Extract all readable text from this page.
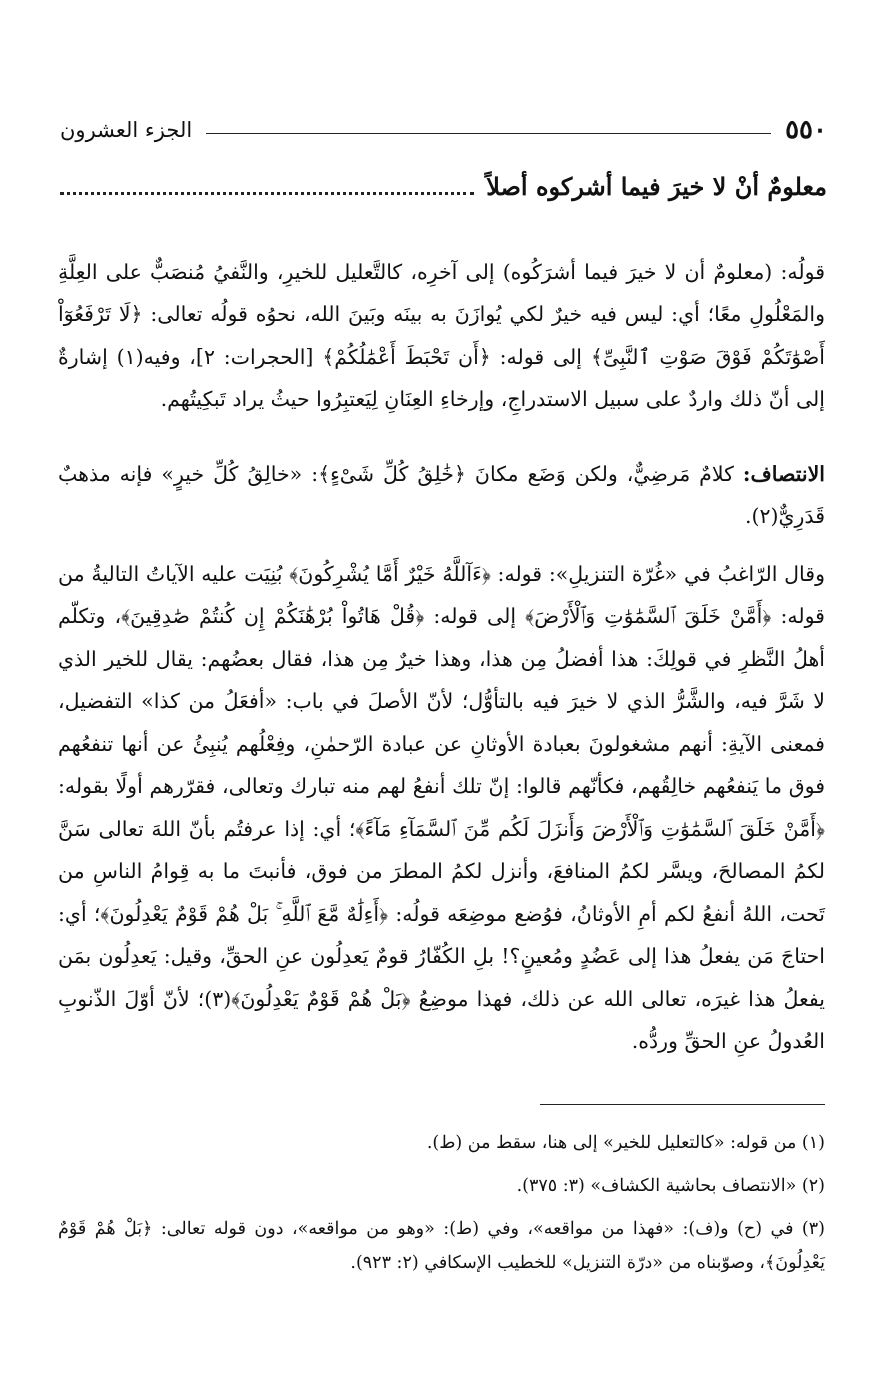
الجزء العشرون	٥٥٠
معلومٌ أنْ لا خيرَ فيما أشركوه أصلاً

قولُه: (معلومٌ أن لا خيرَ فيما أشرَكُوه) إلى آخرِه، كالتَّعليل للخيرِ، والنَّفيُ مُنصَبٌّ على العِلَّةِ والمَعْلُولِ معًا؛ أي: ليس فيه خيرٌ لكي يُوازَنَ به بينَه وبَينَ الله، نحوُه قولُه تعالى: ﴿لَا تَرْفَعُوٓاْ أَصْوَٰتَكُمْ فَوْقَ صَوْتِ ٱلنَّبِىِّ﴾ إلى قوله: ﴿أَن تَحْبَطَ أَعْمَٰلُكُمْ﴾ [الحجرات: ٢]، وفيه(١) إشارةٌ إلى أنّ ذلك واردٌ على سبيل الاستدراجِ، وإرخاءِ العِنَانِ لِيَعتبِرُوا حيثُ يراد تَبكِيتُهم.

الانتصاف: كلامٌ مَرضِيٌّ، ولكن وَضَع مكانَ ﴿خَٰلِقُ كُلِّ شَىْءٍ﴾: «خالِقُ كُلِّ خيرٍ» فإنه مذهبٌ قَدَرِيٌّ(٢).

وقال الرّاغبُ في «غُرّة التنزيلِ»: قوله: ﴿ءَآللَّهُ خَيْرٌ أَمَّا يُشْرِكُونَ﴾ بُنِيَت عليه الآياتُ التاليةُ من قوله: ﴿أَمَّنْ خَلَقَ ٱلسَّمَٰوَٰتِ وَٱلْأَرْضَ﴾ إلى قوله: ﴿قُلْ هَاتُواْ بُرْهَٰنَكُمْ إِن كُنتُمْ صَٰدِقِينَ﴾، وتكلّم أهلُ النَّظرِ في قولِكَ: هذا أفضلُ مِن هذا، وهذا خيرٌ مِن هذا، فقال بعضُهم: يقال للخير الذي لا شَرَّ فيه، والشَّرُّ الذي لا خيرَ فيه بالتأوُّل؛ لأنّ الأصلَ في باب: «أفعَلُ من كذا» التفضيل، فمعنى الآيةِ: أنهم مشغولونَ بعبادة الأوثانِ عن عبادة الرّحمٰنِ، وفِعْلُهم يُنبِئُ عن أنها تنفعُهم فوق ما يَنفعُهم خالِقُهم، فكأنّهم قالوا: إنّ تلك أنفعُ لهم منه تبارك وتعالى، فقرّرهم أولًا بقوله: ﴿أَمَّنْ خَلَقَ ٱلسَّمَٰوَٰتِ وَٱلْأَرْضَ وَأَنزَلَ لَكُم مِّنَ ٱلسَّمَآءِ مَآءً﴾؛ أي: إذا عرفتُم بأنّ اللهَ تعالى سَنَّ لكمُ المصالحَ، ويسَّر لكمُ المنافعَ، وأنزل لكمُ المطرَ من فوق، فأنبتَ ما به قِوامُ الناسِ من تَحت، اللهُ أنفعُ لكم أمِ الأوثانُ، فوُضع موضِعَه قولُه: ﴿أَءِلَٰهٌ مَّعَ ٱللَّهِ ۚ بَلْ هُمْ قَوْمٌ يَعْدِلُونَ﴾؛ أي: احتاجَ مَن يفعلُ هذا إلى عَضُدٍ ومُعينٍ؟! بلِ الكُفّارُ قومٌ يَعدِلُون عنِ الحقِّ، وقيل: يَعدِلُون بمَن يفعلُ هذا غيرَه، تعالى الله عن ذلك، فهذا موضِعُ ﴿بَلْ هُمْ قَوْمٌ يَعْدِلُونَ﴾(٣)؛ لأنّ أوّلَ الذّنوبِ العُدولُ عنِ الحقِّ وردُّه.

(١) من قوله: «كالتعليل للخير» إلى هنا، سقط من (ط).
(٢) «الانتصاف بحاشية الكشاف» (٣: ٣٧٥).
(٣) في (ح) و(ف): «فهذا من مواقعه»، وفي (ط): «وهو من مواقعه»، دون قوله تعالى: ﴿بَلْ هُمْ قَوْمٌ يَعْدِلُونَ﴾، وصوّبناه من «درّة التنزيل» للخطيب الإسكافي (٢: ٩٢٣).
